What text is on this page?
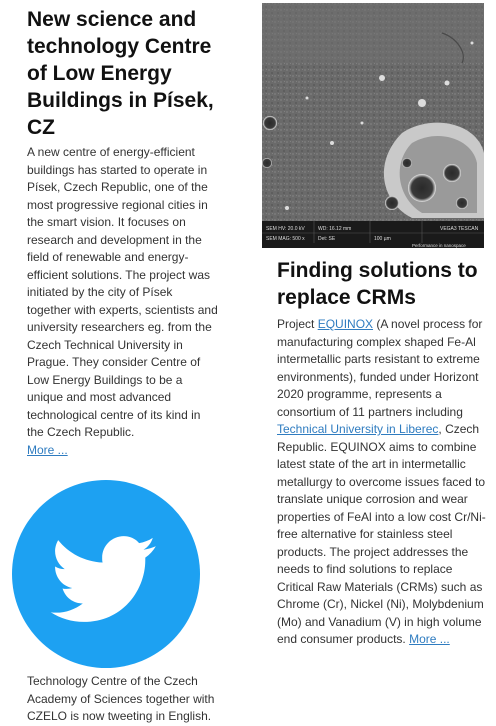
New science and technology Centre of Low Energy Buildings in Písek, CZ
A new centre of energy-efficient buildings has started to operate in Písek, Czech Republic, one of the most progressive regional cities in the smart vision. It focuses on research and development in the field of renewable and energy-efficient solutions. The project was initiated by the city of Písek together with experts, scientists and university researchers eg. from the Czech Technical University in Prague. They consider Centre of Low Energy Buildings to be a unique and most advanced technological centre of its kind in the Czech Republic.
More ...
Technology Centre of the Czech Academy of Sciences together with CZELO is now tweeting in English.
SEM HV: 20.0 kV	WD: 16.12 mm	VEGA3 TESCAN
SEM MAG: 500 x	Det: SE	100 µm
Performance in nanospace
Finding solutions to replace CRMs
Project EQUINOX (A novel process for manufacturing complex shaped Fe-Al intermetallic parts resistant to extreme environments), funded under Horizont 2020 programme, represents a consortium of 11 partners including Technical University in Liberec, Czech Republic. EQUINOX aims to combine latest state of the art in intermetallic metallurgy to overcome issues faced to translate unique corrosion and wear properties of FeAl into a low cost Cr/Ni-free alternative for stainless steel products. The project addresses the needs to find solutions to replace Critical Raw Materials (CRMs) such as Chrome (Cr), Nickel (Ni), Molybdenium (Mo) and Vanadium (V) in high volume end consumer products. More ...
